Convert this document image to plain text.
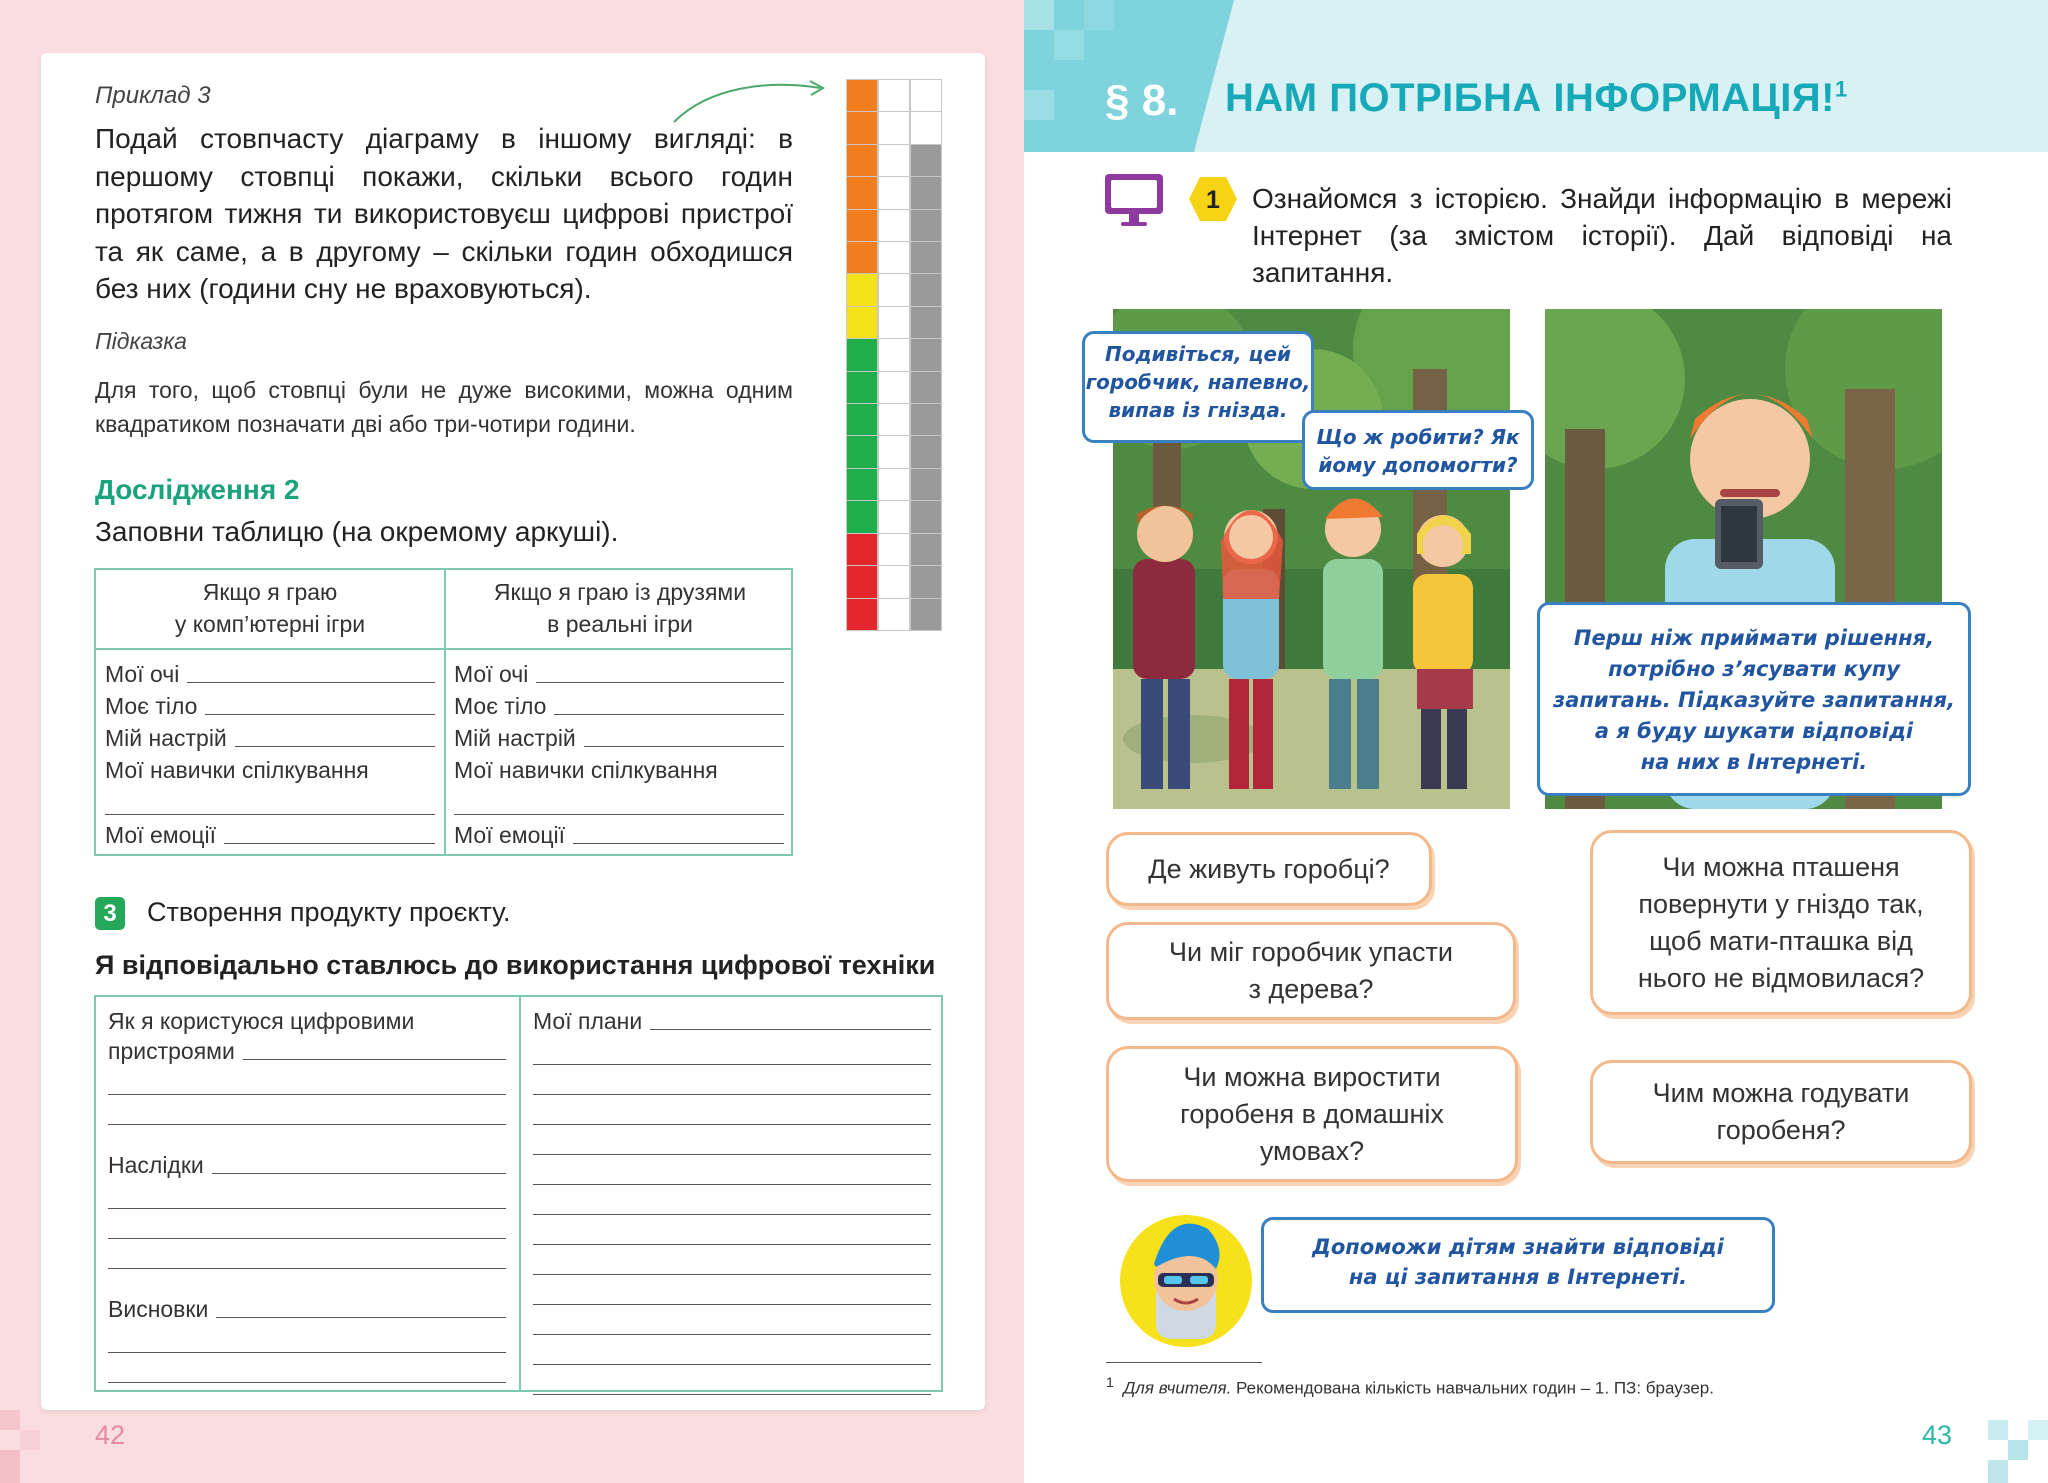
Приклад 3
Подай стовпчасту діаграму в іншому вигляді: в першому стовпці покажи, скільки всього годин протягом тижня ти використовуєш цифрові пристрої та як саме, а в другому – скільки годин обходишся без них (години сну не враховуються).
Підказка
Для того, щоб стовпці були не дуже високими, можна одним квадратиком позначати дві або три-чотири години.
Дослідження 2
Заповни таблицю (на окремому аркуші).
Якщо я граю
у комп’ютерні ігри
Якщо я граю із друзями
в реальні ігри
Мої очі
Моє тіло
Мій настрій
Мої навички спілкування
Мої емоції
Мої очі
Моє тіло
Мій настрій
Мої навички спілкування
Мої емоції
3	Створення продукту проєкту.
Я відповідально ставлюсь до використання цифрової техніки
Як я користуюся цифровими
пристроями
Наслідки
Висновки
Мої плани
42
§ 8. НАМ ПОТРІБНА ІНФОРМАЦІЯ!$^1$
1 Ознайомся з історією. Знайди інформацію в мережі Інтернет (за змістом історії). Дай відповіді на запитання.
Подивіться, цей
горобчик, напевно,
випав із гнізда.
Що ж робити? Як
йому допомогти?
Перш ніж приймати рішення,
потрібно з’ясувати купу
запитань. Підказуйте запитання,
а я буду шукати відповіді
на них в Інтернеті.
Де живуть горобці?	Чи можна пташеня
повернути у гніздо так,
щоб мати-пташка від
нього не відмовилася?
Чи міг горобчик упасти
з дерева?
Чи можна виростити
горобеня в домашніх
умовах?
Чим можна годувати
горобеня?
Допоможи дітям знайти відповіді
на ці запитання в Інтернеті.
$^1$ Для вчителя. Рекомендована кількість навчальних годин – 1. ПЗ: браузер.
43
